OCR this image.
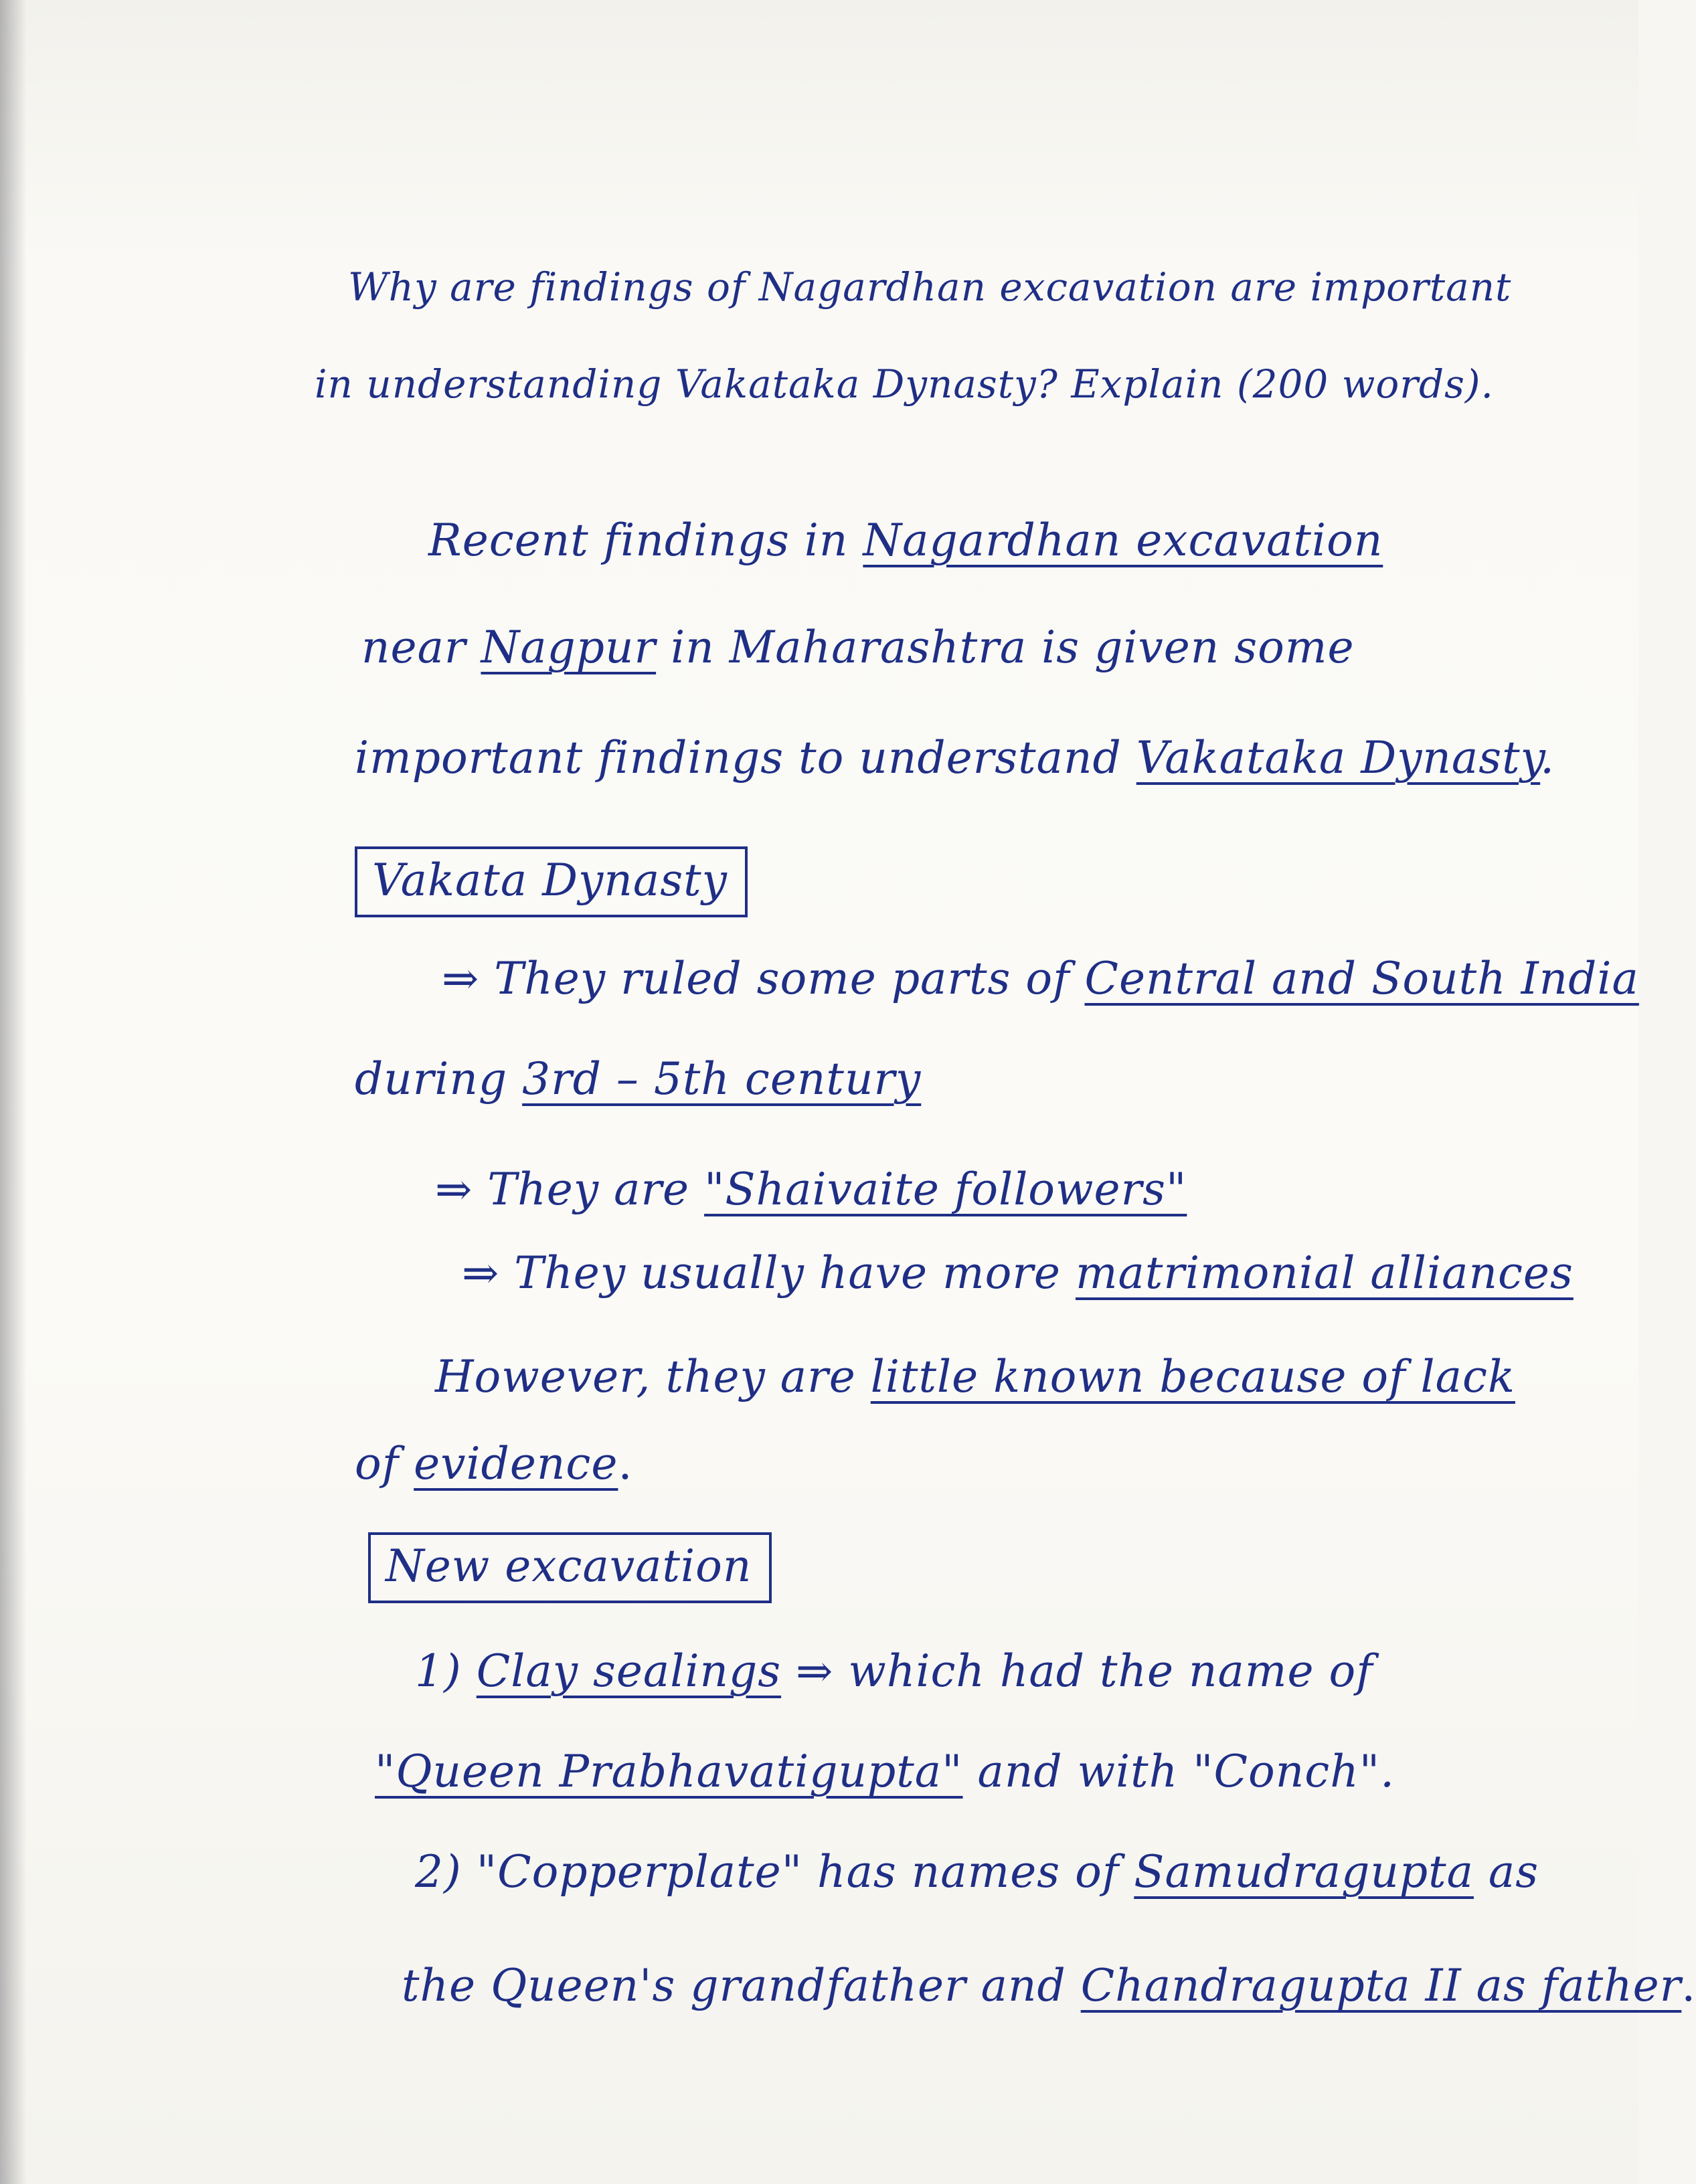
Why are findings of Nagardhan excavation are important
in understanding Vakataka Dynasty? Explain (200 words).
Recent findings in Nagardhan excavation
near Nagpur in Maharashtra is given some
important findings to understand Vakataka Dynasty.
Vakata Dynasty
⇒ They ruled some parts of Central and South India
during 3rd – 5th century
⇒ They are "Shaivaite followers"
⇒ They usually have more matrimonial alliances
However, they are little known because of lack
of evidence.
New excavation
1) Clay sealings ⇒ which had the name of
"Queen Prabhavatigupta" and with "Conch".
2) "Copperplate" has names of Samudragupta as
the Queen's grandfather and Chandragupta II as father.
